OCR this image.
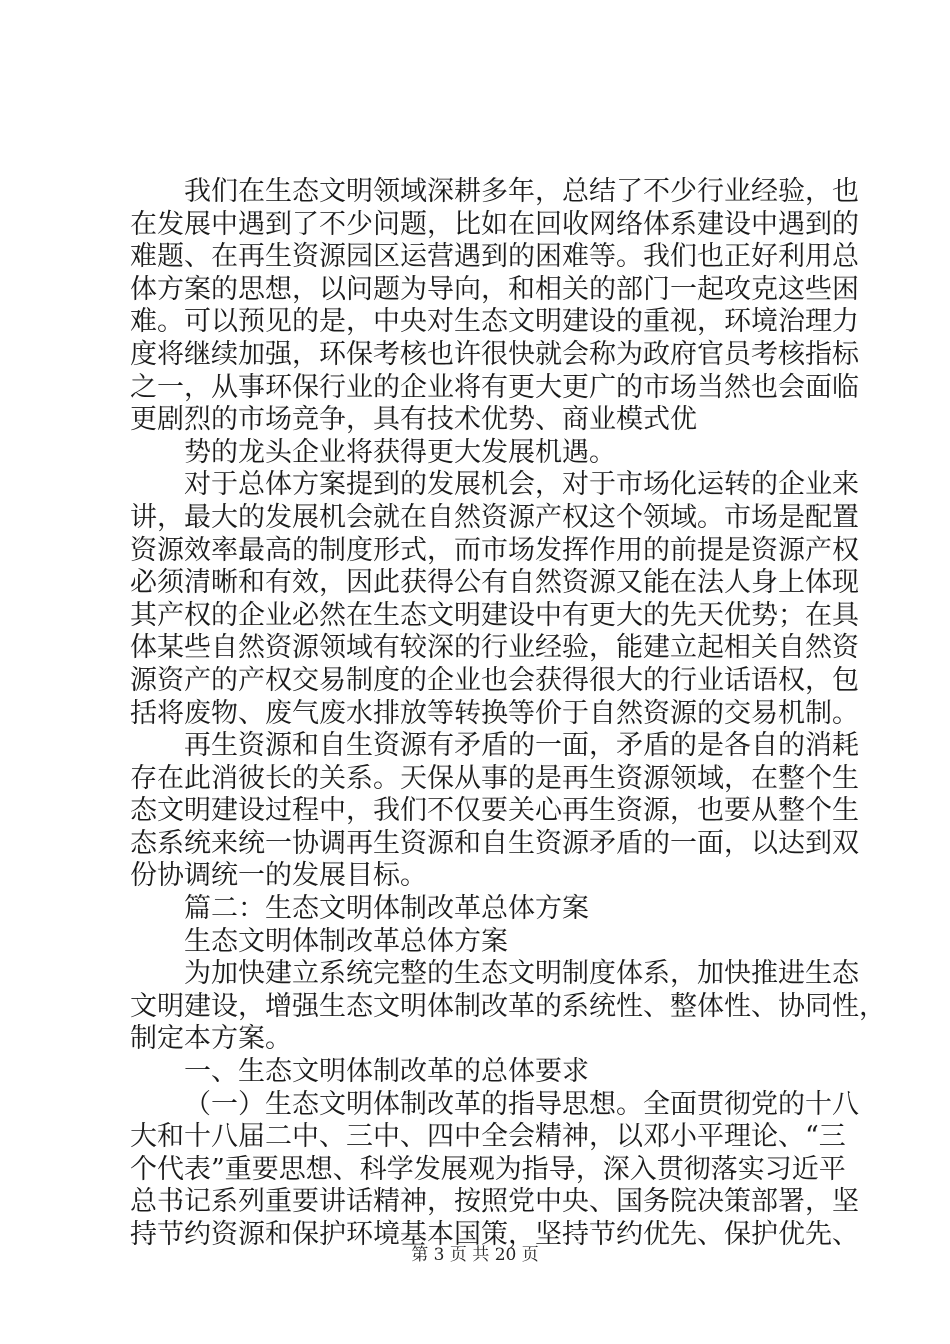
我们在生态文明领域深耕多年，总结了不少行业经验，也
在发展中遇到了不少问题，比如在回收网络体系建设中遇到的
难题、在再生资源园区运营遇到的困难等。我们也正好利用总
体方案的思想，以问题为导向，和相关的部门一起攻克这些困
难。可以预见的是，中央对生态文明建设的重视，环境治理力
度将继续加强，环保考核也许很快就会称为政府官员考核指标
之一，从事环保行业的企业将有更大更广的市场当然也会面临
更剧烈的市场竞争，具有技术优势、商业模式优
势的龙头企业将获得更大发展机遇。
对于总体方案提到的发展机会，对于市场化运转的企业来
讲，最大的发展机会就在自然资源产权这个领域。市场是配置
资源效率最高的制度形式，而市场发挥作用的前提是资源产权
必须清晰和有效，因此获得公有自然资源又能在法人身上体现
其产权的企业必然在生态文明建设中有更大的先天优势；在具
体某些自然资源领域有较深的行业经验，能建立起相关自然资
源资产的产权交易制度的企业也会获得很大的行业话语权，包
括将废物、废气废水排放等转换等价于自然资源的交易机制。
再生资源和自生资源有矛盾的一面，矛盾的是各自的消耗
存在此消彼长的关系。天保从事的是再生资源领域，在整个生
态文明建设过程中，我们不仅要关心再生资源，也要从整个生
态系统来统一协调再生资源和自生资源矛盾的一面，以达到双
份协调统一的发展目标。
篇二：生态文明体制改革总体方案
生态文明体制改革总体方案
为加快建立系统完整的生态文明制度体系，加快推进生态
文明建设，增强生态文明体制改革的系统性、整体性、协同性，
制定本方案。
一、生态文明体制改革的总体要求
（一）生态文明体制改革的指导思想。全面贯彻党的十八
大和十八届二中、三中、四中全会精神，以邓小平理论、“三
个代表”重要思想、科学发展观为指导，深入贯彻落实习近平
总书记系列重要讲话精神，按照党中央、国务院决策部署，坚
持节约资源和保护环境基本国策，坚持节约优先、保护优先、
第 3 页 共 20 页
